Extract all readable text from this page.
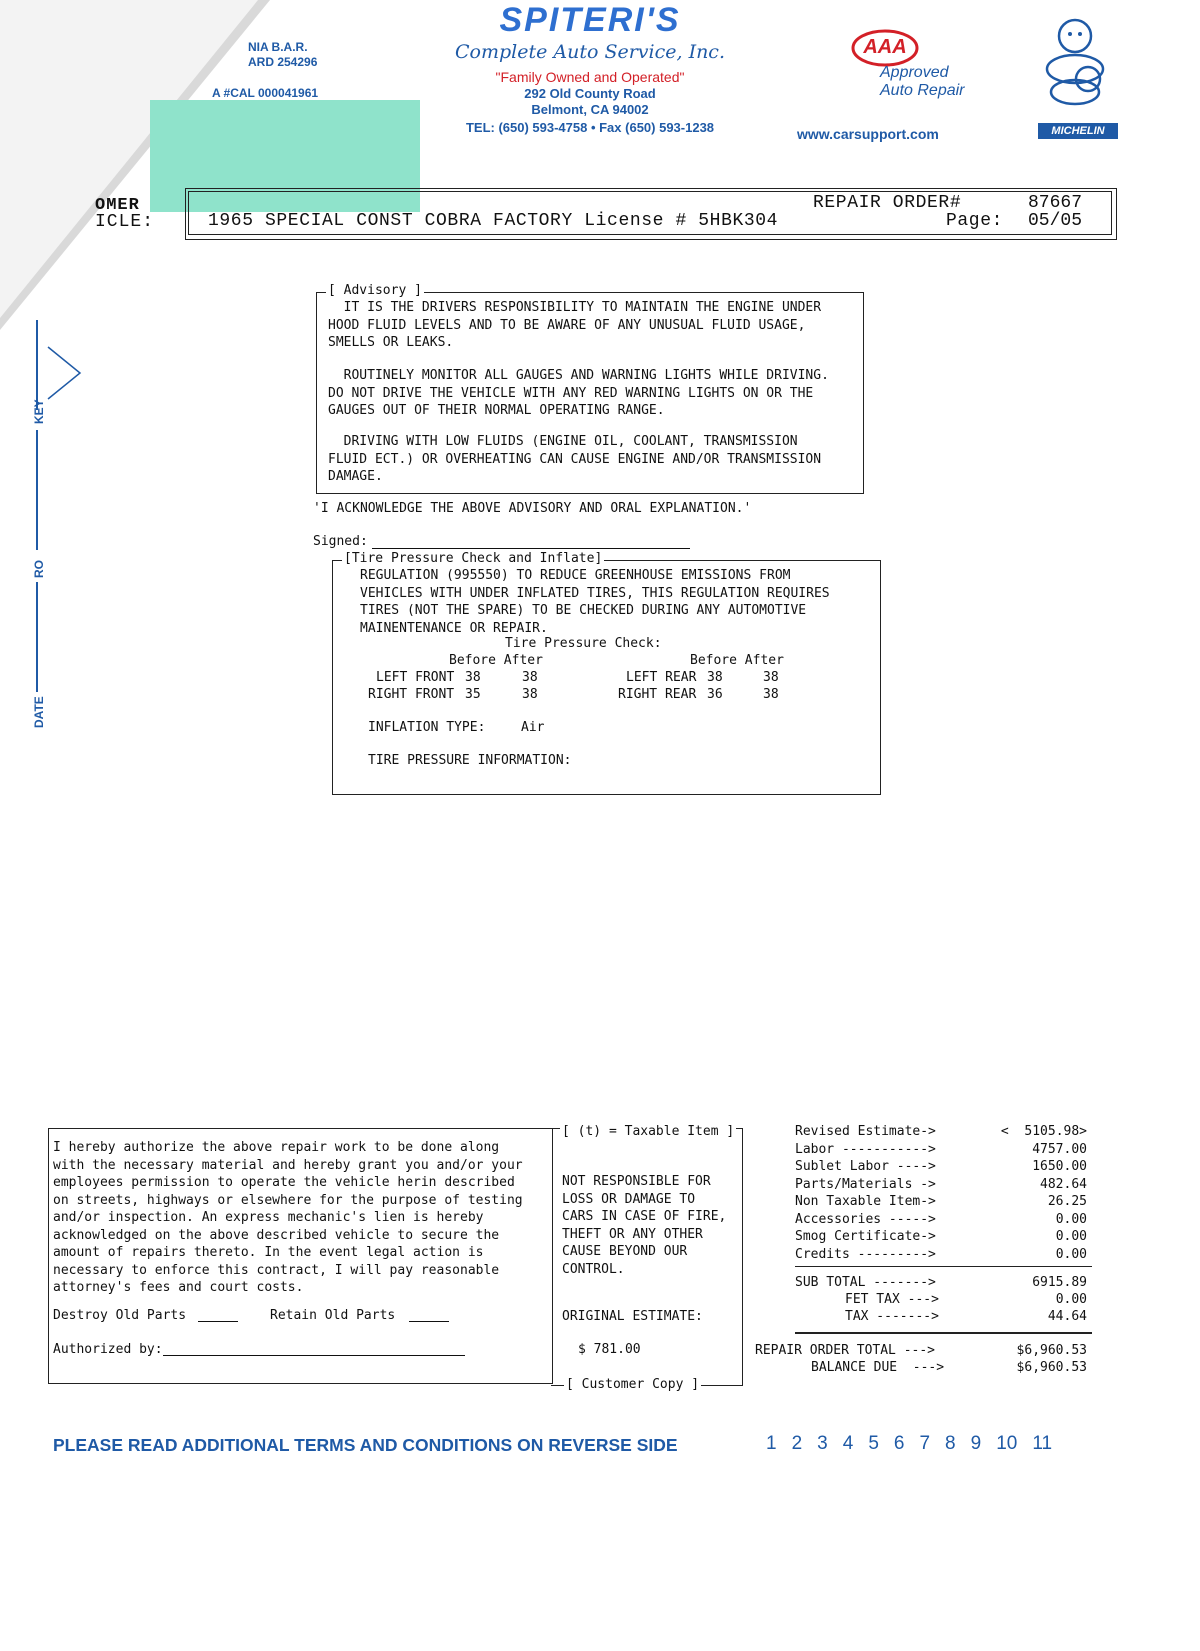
NIA B.A.R.
ARD 254296
A #CAL 000041961
SPITERI'S
Complete Auto Service, Inc.
"Family Owned and Operated"
292 Old County Road
Belmont, CA 94002
TEL: (650) 593-4758 • Fax (650) 593-1238
AAA
Approved
Auto Repair
www.carsupport.com	MICHELIN
OMER
ICLE:	1965 SPECIAL CONST COBRA FACTORY License # 5HBK304
REPAIR ORDER#	87667
Page: 05/05
KEY
RO
DATE
[ Advisory ]
IT IS THE DRIVERS RESPONSIBILITY TO MAINTAIN THE ENGINE UNDER
HOOD FLUID LEVELS AND TO BE AWARE OF ANY UNUSUAL FLUID USAGE,
SMELLS OR LEAKS.
ROUTINELY MONITOR ALL GAUGES AND WARNING LIGHTS WHILE DRIVING.
DO NOT DRIVE THE VEHICLE WITH ANY RED WARNING LIGHTS ON OR THE
GAUGES OUT OF THEIR NORMAL OPERATING RANGE.
DRIVING WITH LOW FLUIDS (ENGINE OIL, COOLANT, TRANSMISSION
FLUID ECT.) OR OVERHEATING CAN CAUSE ENGINE AND/OR TRANSMISSION
DAMAGE.
'I ACKNOWLEDGE THE ABOVE ADVISORY AND ORAL EXPLANATION.'
Signed:
[Tire Pressure Check and Inflate]
REGULATION (995550) TO REDUCE GREENHOUSE EMISSIONS FROM
VEHICLES WITH UNDER INFLATED TIRES, THIS REGULATION REQUIRES
TIRES (NOT THE SPARE) TO BE CHECKED DURING ANY AUTOMOTIVE
MAINENTENANCE OR REPAIR.
Tire Pressure Check:
Before After	Before After
LEFT FRONT 38	38
RIGHT FRONT 35	38
LEFT REAR 38	38
RIGHT REAR 36	38
INFLATION TYPE:	Air
TIRE PRESSURE INFORMATION:
I hereby authorize the above repair work to be done along
with the necessary material and hereby grant you and/or your
employees permission to operate the vehicle herin described
on streets, highways or elsewhere for the purpose of testing
and/or inspection. An express mechanic's lien is hereby
acknowledged on the above described vehicle to secure the
amount of repairs thereto. In the event legal action is
necessary to enforce this contract, I will pay reasonable
attorney's fees and court costs.
Destroy Old Parts	Retain Old Parts
Authorized by:
[ (t) = Taxable Item ]
NOT RESPONSIBLE FOR
LOSS OR DAMAGE TO
CARS IN CASE OF FIRE,
THEFT OR ANY OTHER
CAUSE BEYOND OUR
CONTROL.
ORIGINAL ESTIMATE:
$ 781.00
[ Customer Copy ]
Revised Estimate->	<  5105.98>
Labor ----------->	4757.00
Sublet Labor ---->	1650.00
Parts/Materials ->	482.64
Non Taxable Item->	26.25
Accessories ----->	0.00
Smog Certificate->	0.00
Credits --------->	0.00
SUB TOTAL ------->	6915.89
FET TAX --->	0.00
TAX ------->	44.64
REPAIR ORDER TOTAL --->	$6,960.53
BALANCE DUE  --->	$6,960.53
PLEASE READ ADDITIONAL TERMS AND CONDITIONS ON REVERSE SIDE	1 2 3 4 5 6 7 8 9 10 11
